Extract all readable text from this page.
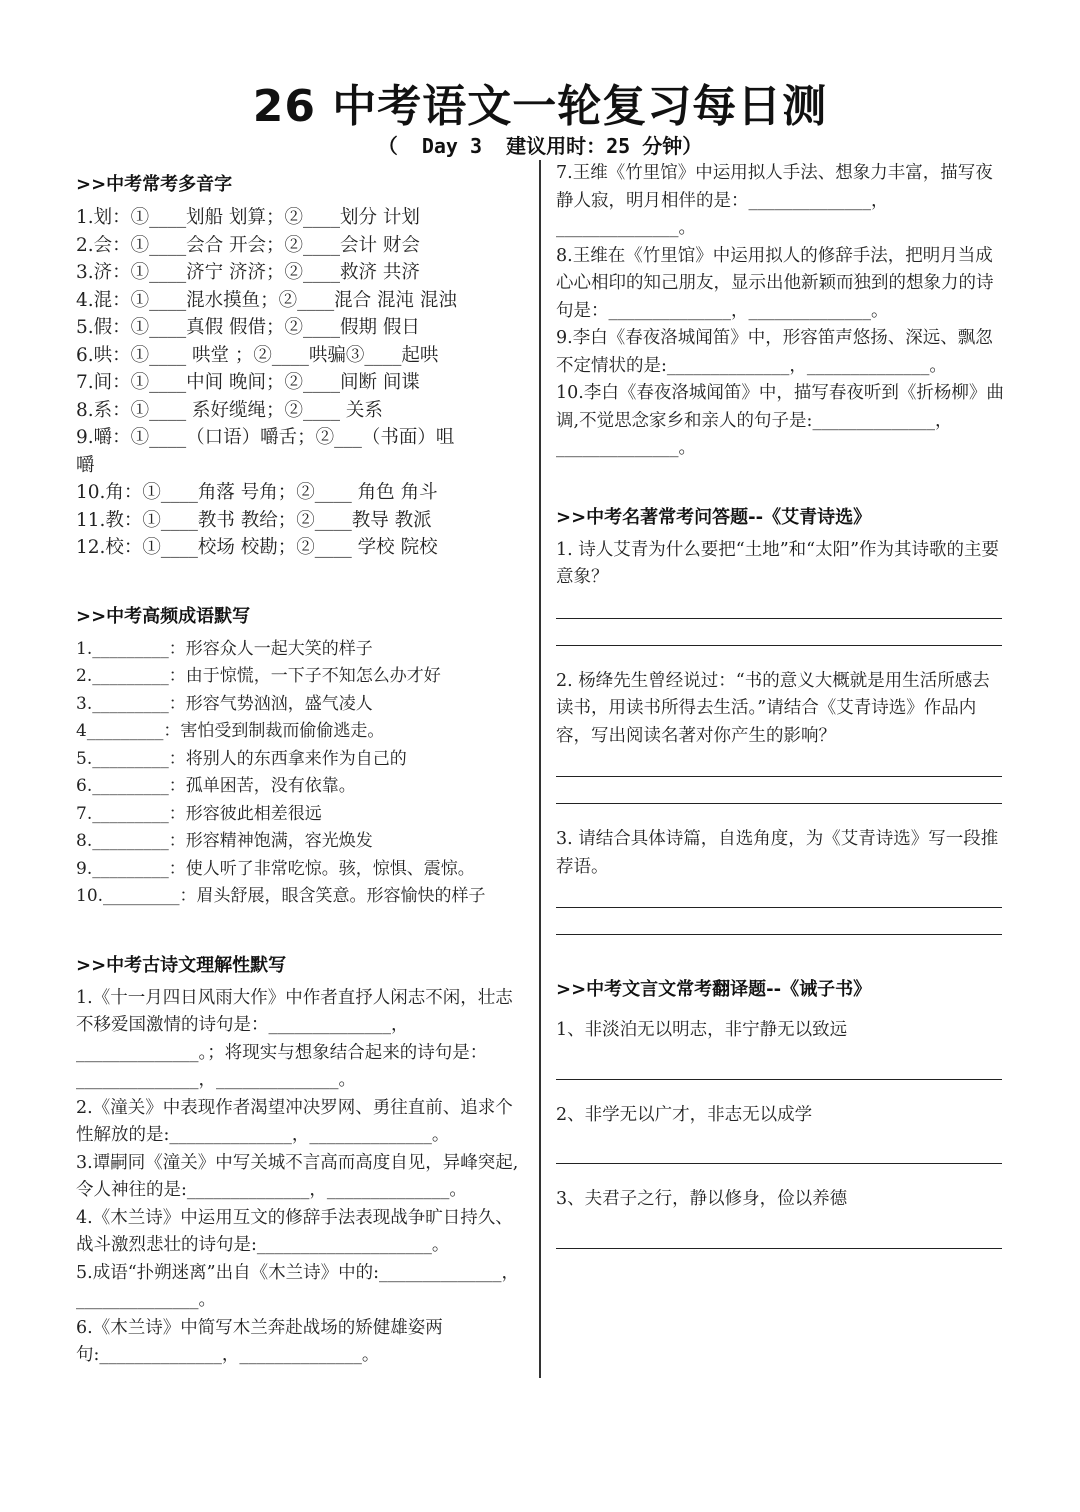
26 中考语文一轮复习每日测
（  Day 3  建议用时：25 分钟）
>>中考常考多音字
1.划：①____划船 划算；②____划分 计划
2.会：①____会合 开会；②____会计 财会
3.济：①____济宁 济济；②____救济 共济
4.混：①____混水摸鱼；②____混合 混沌 混浊
5.假：①____真假 假借；②____假期 假日
6.哄：①____ 哄堂 ；②____哄骗③____起哄
7.间：①____中间 晚间；②____间断 间谍
8.系：①____ 系好缆绳；②____ 关系
9.嚼：①____（口语）嚼舌；②___（书面）咀
嚼
10.角：①____角落 号角；②____ 角色 角斗
11.教：①____教书 教给；②____教导 教派
12.校：①____校场 校勘；②____ 学校 院校
>>中考高频成语默写
1._________：形容众人一起大笑的样子
2._________：由于惊慌，一下子不知怎么办才好
3._________：形容气势汹汹，盛气凌人
4_________：害怕受到制裁而偷偷逃走。
5._________：将别人的东西拿来作为自己的
6._________：孤单困苦，没有依靠。
7._________：形容彼此相差很远
8._________：形容精神饱满，容光焕发
9._________：使人听了非常吃惊。骇，惊惧、震惊。
10._________：眉头舒展，眼含笑意。形容愉快的样子
>>中考古诗文理解性默写
1.《十一月四日风雨大作》中作者直抒人闲志不闲，壮志不移爱国激情的诗句是：______________，______________。；将现实与想象结合起来的诗句是：______________，______________。
2.《潼关》中表现作者渴望冲决罗网、勇往直前、追求个性解放的是:______________，______________。
3.谭嗣同《潼关》中写关城不言高而高度自见，异峰突起,令人神往的是:______________，______________。
4.《木兰诗》中运用互文的修辞手法表现战争旷日持久、战斗激烈悲壮的诗句是:____________________。
5.成语“扑朔迷离”出自《木兰诗》中的:______________，______________。
6.《木兰诗》中简写木兰奔赴战场的矫健雄姿两句:______________，______________。
7.王维《竹里馆》中运用拟人手法、想象力丰富，描写夜静人寂，明月相伴的是：______________，______________。
8.王维在《竹里馆》中运用拟人的修辞手法，把明月当成心心相印的知己朋友，显示出他新颖而独到的想象力的诗句是：______________，______________。
9.李白《春夜洛城闻笛》中，形容笛声悠扬、深远、飘忽不定情状的是:______________，______________。
10.李白《春夜洛城闻笛》中，描写春夜听到《折杨柳》曲调,不觉思念家乡和亲人的句子是:______________，______________。
>>中考名著常考问答题--《艾青诗选》
1. 诗人艾青为什么要把“土地”和“太阳”作为其诗歌的主要意象？
2. 杨绛先生曾经说过：“书的意义大概就是用生活所感去读书，用读书所得去生活。”请结合《艾青诗选》作品内容，写出阅读名著对你产生的影响？
3. 请结合具体诗篇，自选角度，为《艾青诗选》写一段推荐语。
>>中考文言文常考翻译题--《诫子书》
1、非淡泊无以明志，非宁静无以致远
2、非学无以广才，非志无以成学
3、夫君子之行，静以修身，俭以养德
